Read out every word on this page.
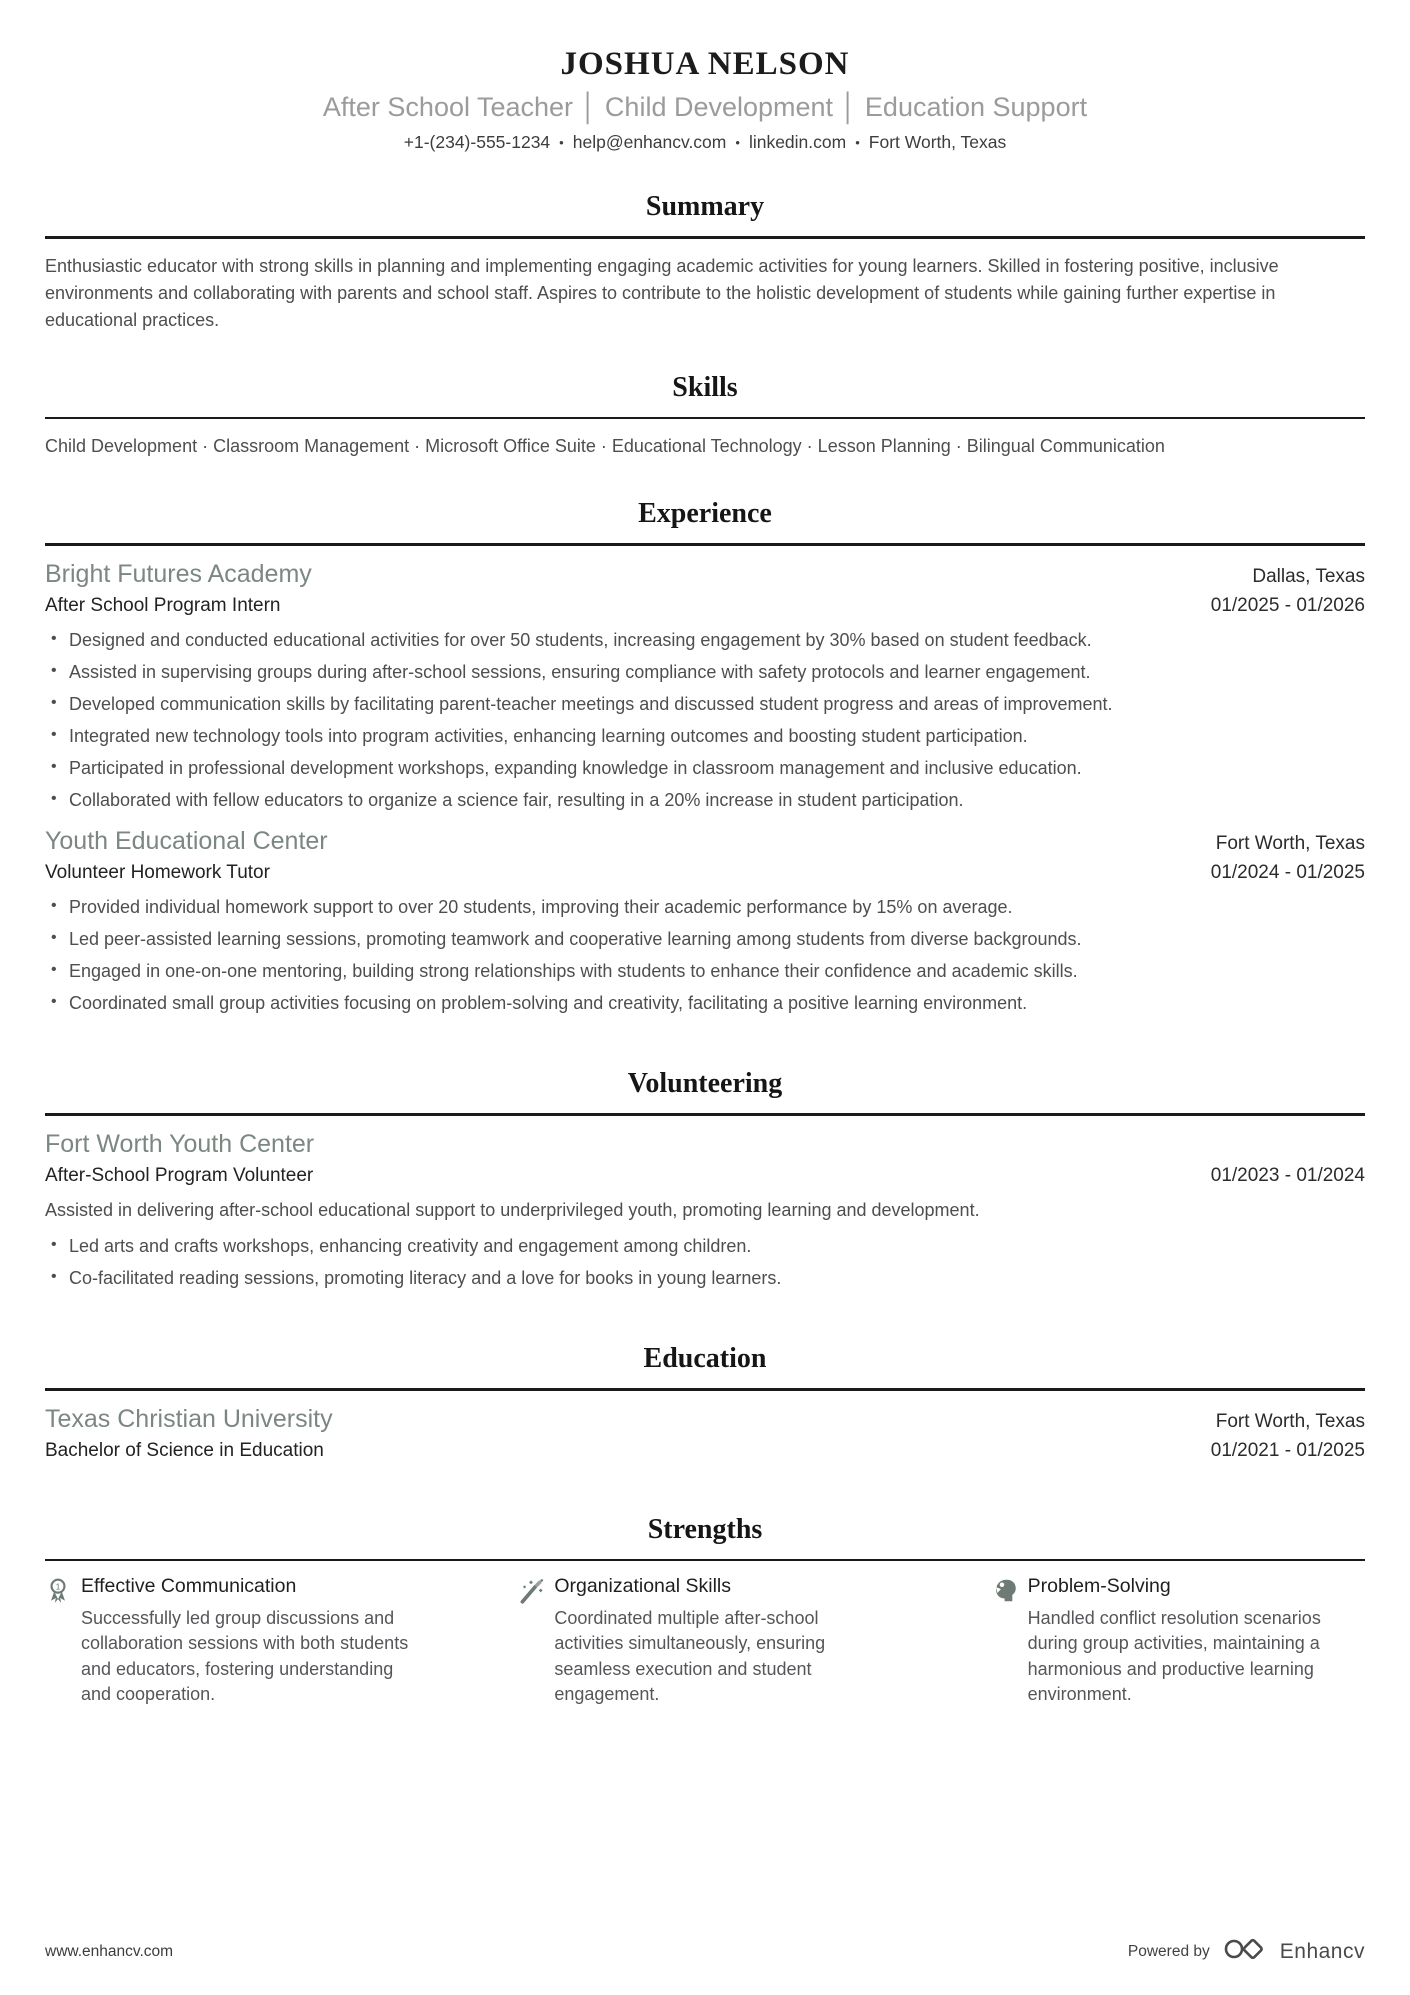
JOSHUA NELSON
After School Teacher │ Child Development │ Education Support
+1-(234)-555-1234 • help@enhancv.com • linkedin.com • Fort Worth, Texas
Summary

Enthusiastic educator with strong skills in planning and implementing engaging academic activities for young learners. Skilled in fostering positive, inclusive environments and collaborating with parents and school staff. Aspires to contribute to the holistic development of students while gaining further expertise in educational practices.

Skills

Child Development · Classroom Management · Microsoft Office Suite · Educational Technology · Lesson Planning · Bilingual Communication

Experience
Bright Futures Academy	Dallas, Texas
After School Program Intern	01/2025 - 01/2026
• Designed and conducted educational activities for over 50 students, increasing engagement by 30% based on student feedback.
• Assisted in supervising groups during after-school sessions, ensuring compliance with safety protocols and learner engagement.
• Developed communication skills by facilitating parent-teacher meetings and discussed student progress and areas of improvement.
• Integrated new technology tools into program activities, enhancing learning outcomes and boosting student participation.
• Participated in professional development workshops, expanding knowledge in classroom management and inclusive education.
• Collaborated with fellow educators to organize a science fair, resulting in a 20% increase in student participation.
Youth Educational Center	Fort Worth, Texas
Volunteer Homework Tutor	01/2024 - 01/2025
• Provided individual homework support to over 20 students, improving their academic performance by 15% on average.
• Led peer-assisted learning sessions, promoting teamwork and cooperative learning among students from diverse backgrounds.
• Engaged in one-on-one mentoring, building strong relationships with students to enhance their confidence and academic skills.
• Coordinated small group activities focusing on problem-solving and creativity, facilitating a positive learning environment.
Volunteering
Fort Worth Youth Center
After-School Program Volunteer	01/2023 - 01/2024

Assisted in delivering after-school educational support to underprivileged youth, promoting learning and development.

• Led arts and crafts workshops, enhancing creativity and engagement among children.
• Co-facilitated reading sessions, promoting literacy and a love for books in young learners.
Education
Texas Christian University	Fort Worth, Texas
Bachelor of Science in Education	01/2021 - 01/2025
Strengths
1 Effective Communication
Successfully led group discussions and collaboration sessions with both students and educators, fostering understanding and cooperation.
Organizational Skills
Coordinated multiple after-school activities simultaneously, ensuring seamless execution and student engagement.
Problem-Solving
Handled conflict resolution scenarios during group activities, maintaining a harmonious and productive learning environment.
www.enhancv.com	Powered by	Enhancv
